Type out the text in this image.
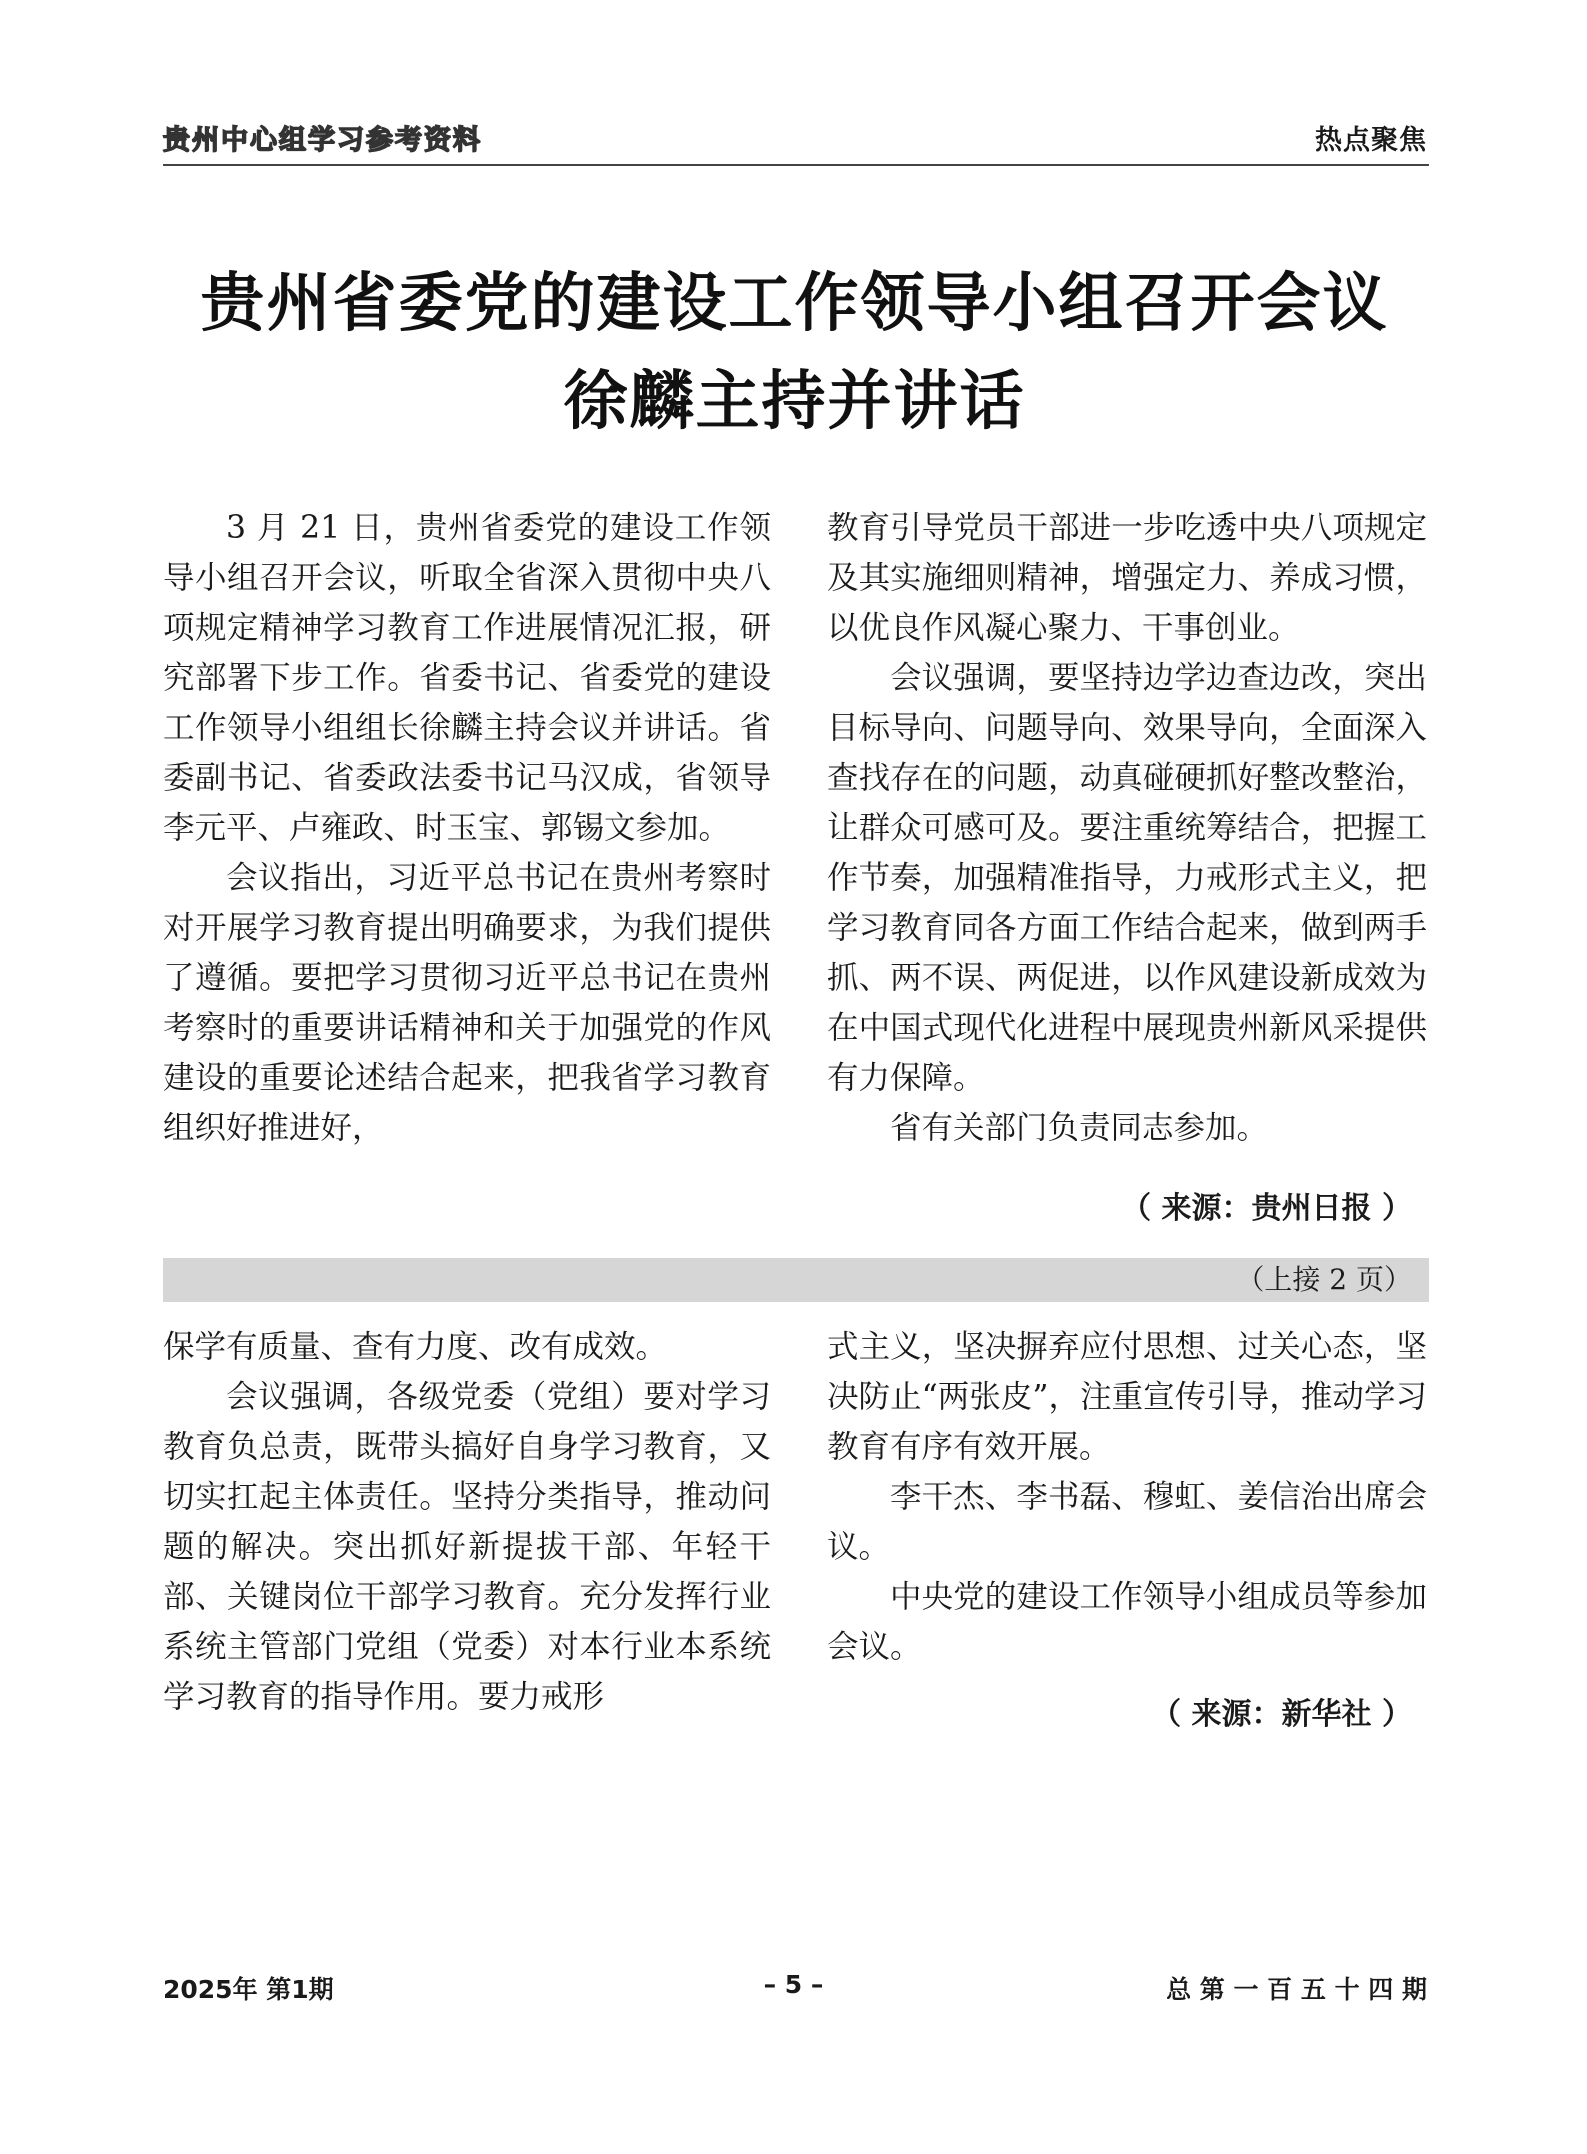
贵州中心组学习参考资料	热点聚焦
贵州省委党的建设工作领导小组召开会议
徐麟主持并讲话

3 月 21 日，贵州省委党的建设工作领导小组召开会议，听取全省深入贯彻中央八项规定精神学习教育工作进展情况汇报，研究部署下步工作。省委书记、省委党的建设工作领导小组组长徐麟主持会议并讲话。省委副书记、省委政法委书记马汉成，省领导李元平、卢雍政、时玉宝、郭锡文参加。

会议指出，习近平总书记在贵州考察时对开展学习教育提出明确要求，为我们提供了遵循。要把学习贯彻习近平总书记在贵州考察时的重要讲话精神和关于加强党的作风建设的重要论述结合起来，把我省学习教育组织好推进好，

教育引导党员干部进一步吃透中央八项规定及其实施细则精神，增强定力、养成习惯，以优良作风凝心聚力、干事创业。

会议强调，要坚持边学边查边改，突出目标导向、问题导向、效果导向，全面深入查找存在的问题，动真碰硬抓好整改整治，让群众可感可及。要注重统筹结合，把握工作节奏，加强精准指导，力戒形式主义，把学习教育同各方面工作结合起来，做到两手抓、两不误、两促进，以作风建设新成效为在中国式现代化进程中展现贵州新风采提供有力保障。

省有关部门负责同志参加。

（ 来源：贵州日报 ）
（上接 2 页）

保学有质量、查有力度、改有成效。

会议强调，各级党委（党组）要对学习教育负总责，既带头搞好自身学习教育，又切实扛起主体责任。坚持分类指导，推动问题的解决。突出抓好新提拔干部、年轻干部、关键岗位干部学习教育。充分发挥行业系统主管部门党组（党委）对本行业本系统学习教育的指导作用。要力戒形

式主义，坚决摒弃应付思想、过关心态，坚决防止“两张皮”，注重宣传引导，推动学习教育有序有效开展。

李干杰、李书磊、穆虹、姜信治出席会议。

中央党的建设工作领导小组成员等参加会议。

（ 来源：新华社 ）
2025年 第1期	– 5 –	总 第 一 百 五 十 四 期
